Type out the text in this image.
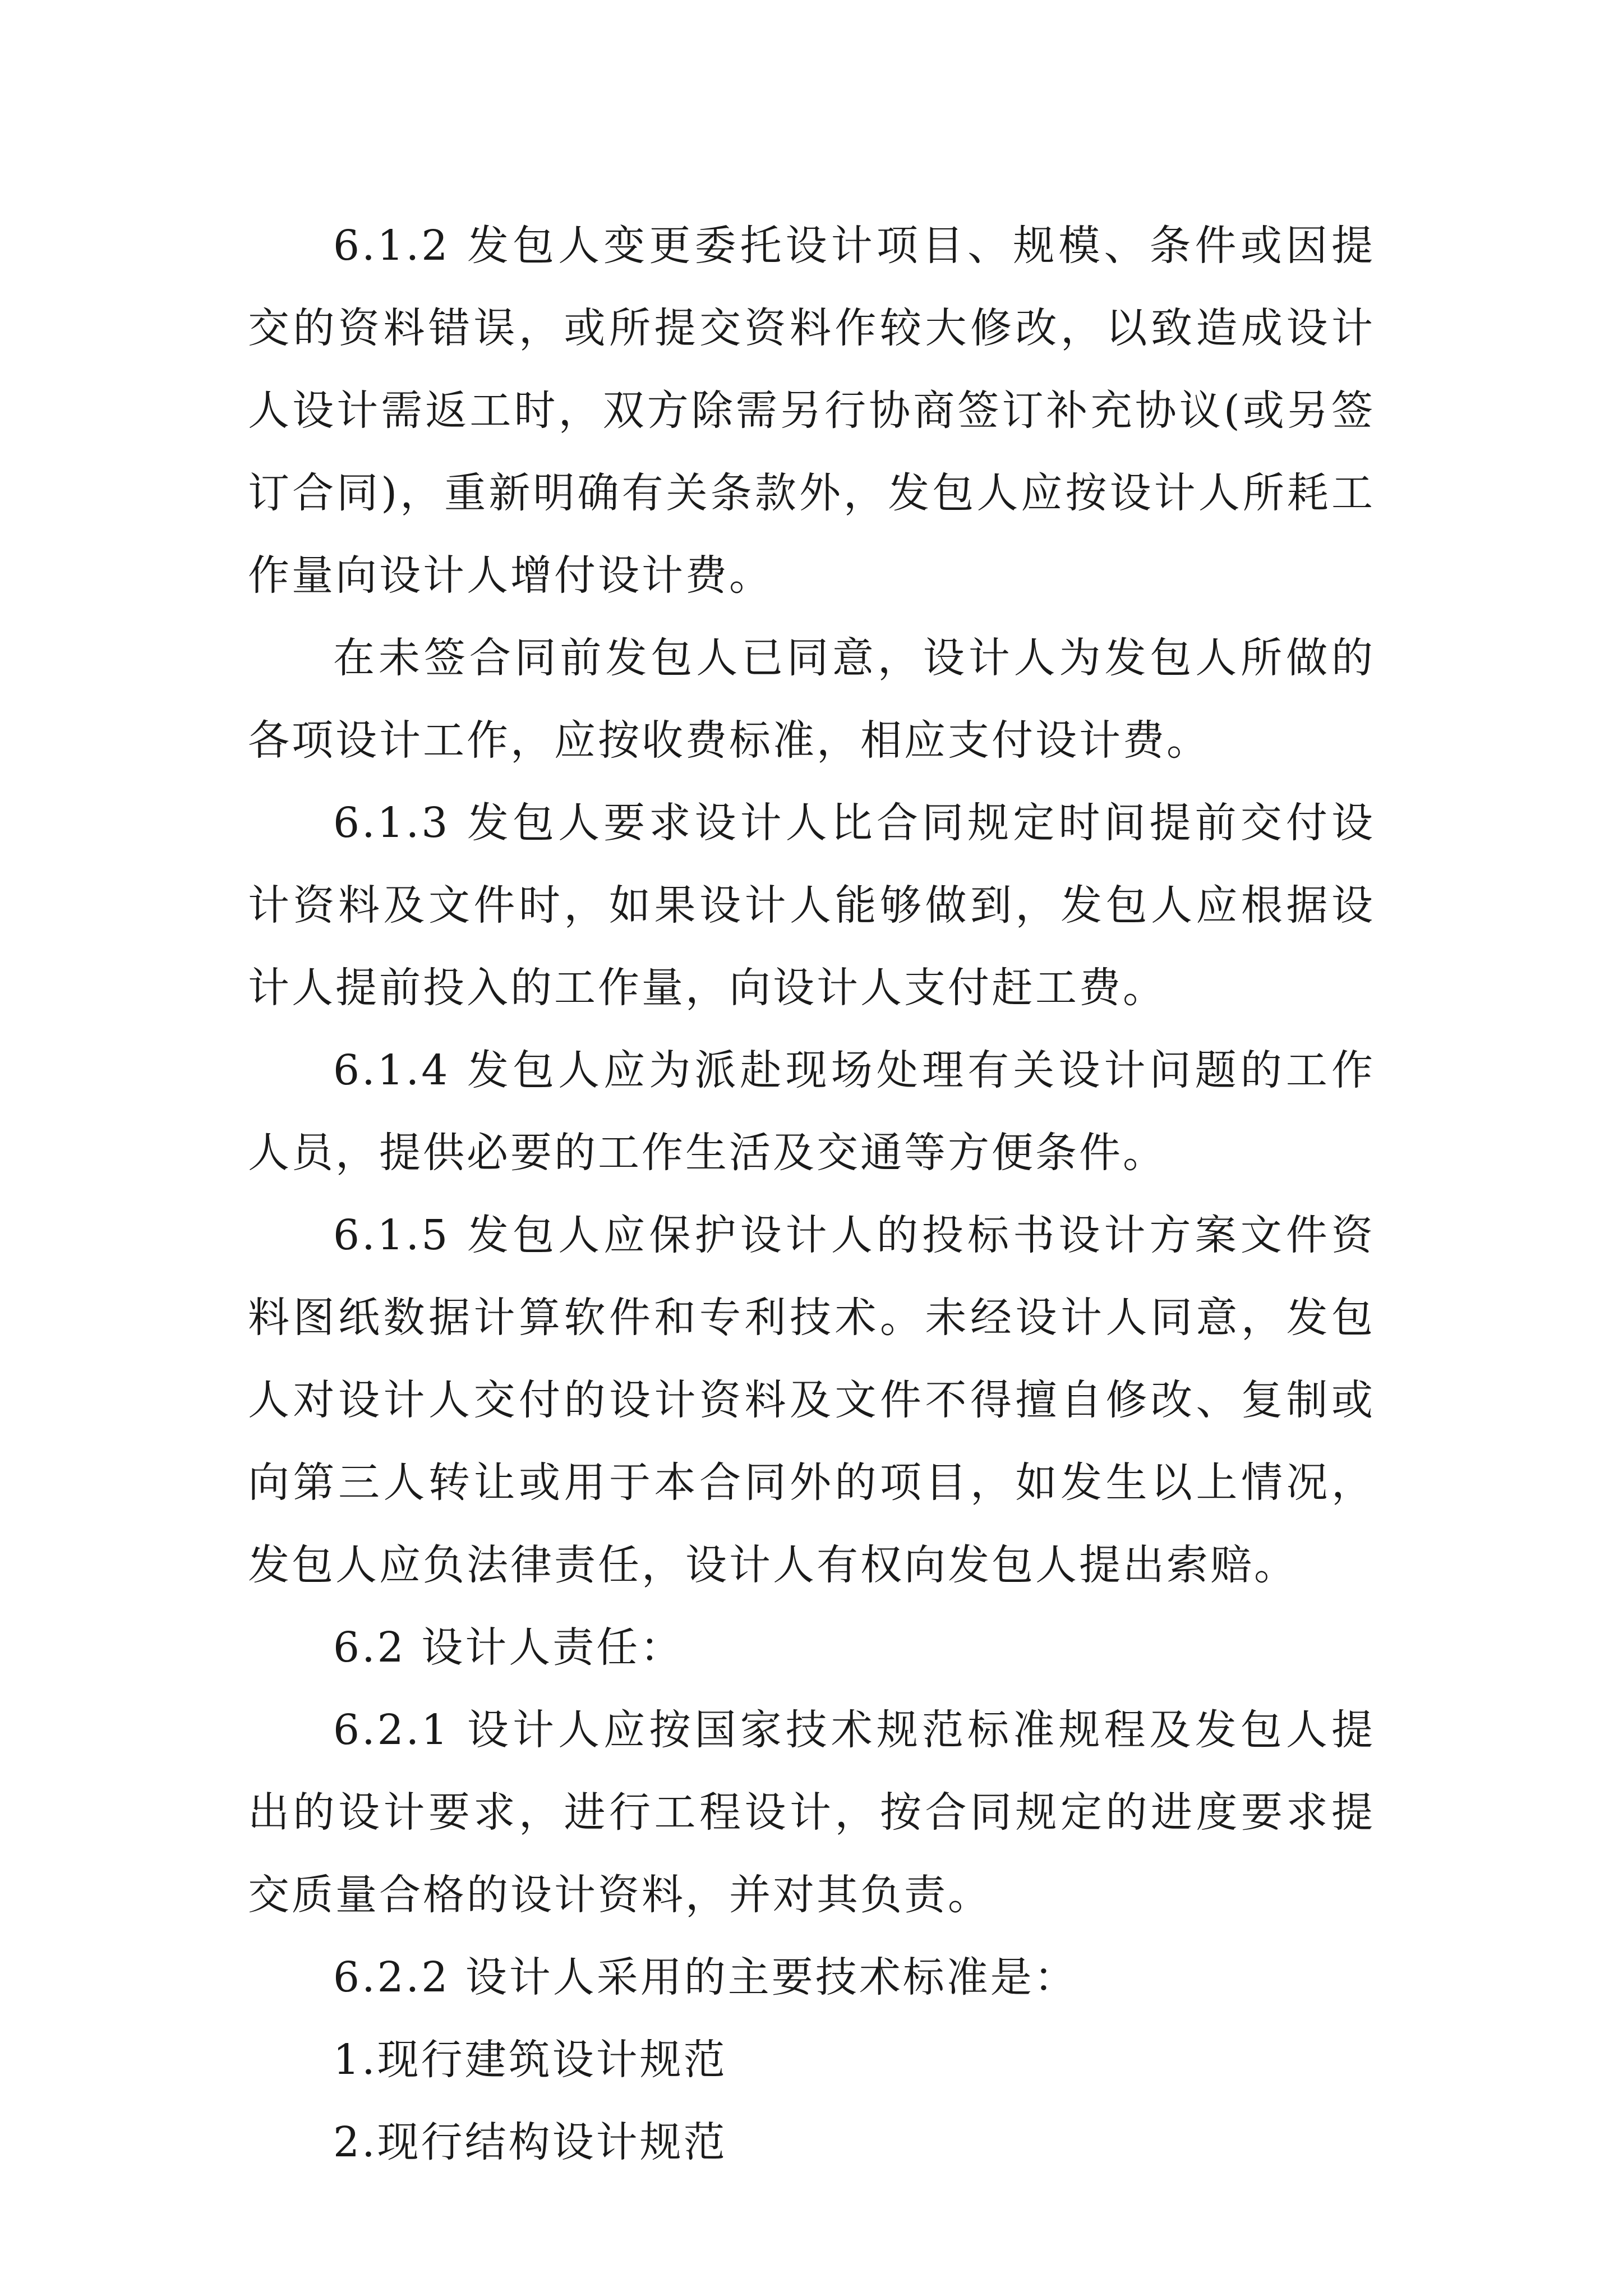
6.1.2 发包人变更委托设计项目、规模、条件或因提交的资料错误，或所提交资料作较大修改，以致造成设计人设计需返工时，双方除需另行协商签订补充协议(或另签订合同)，重新明确有关条款外，发包人应按设计人所耗工作量向设计人增付设计费。

在未签合同前发包人已同意，设计人为发包人所做的各项设计工作，应按收费标准，相应支付设计费。

6.1.3 发包人要求设计人比合同规定时间提前交付设计资料及文件时，如果设计人能够做到，发包人应根据设计人提前投入的工作量，向设计人支付赶工费。

6.1.4 发包人应为派赴现场处理有关设计问题的工作人员，提供必要的工作生活及交通等方便条件。

6.1.5 发包人应保护设计人的投标书设计方案文件资料图纸数据计算软件和专利技术。未经设计人同意，发包人对设计人交付的设计资料及文件不得擅自修改、复制或向第三人转让或用于本合同外的项目，如发生以上情况，发包人应负法律责任，设计人有权向发包人提出索赔。

6.2 设计人责任：

6.2.1 设计人应按国家技术规范标准规程及发包人提出的设计要求，进行工程设计，按合同规定的进度要求提交质量合格的设计资料，并对其负责。

6.2.2 设计人采用的主要技术标准是：

1.现行建筑设计规范

2.现行结构设计规范
